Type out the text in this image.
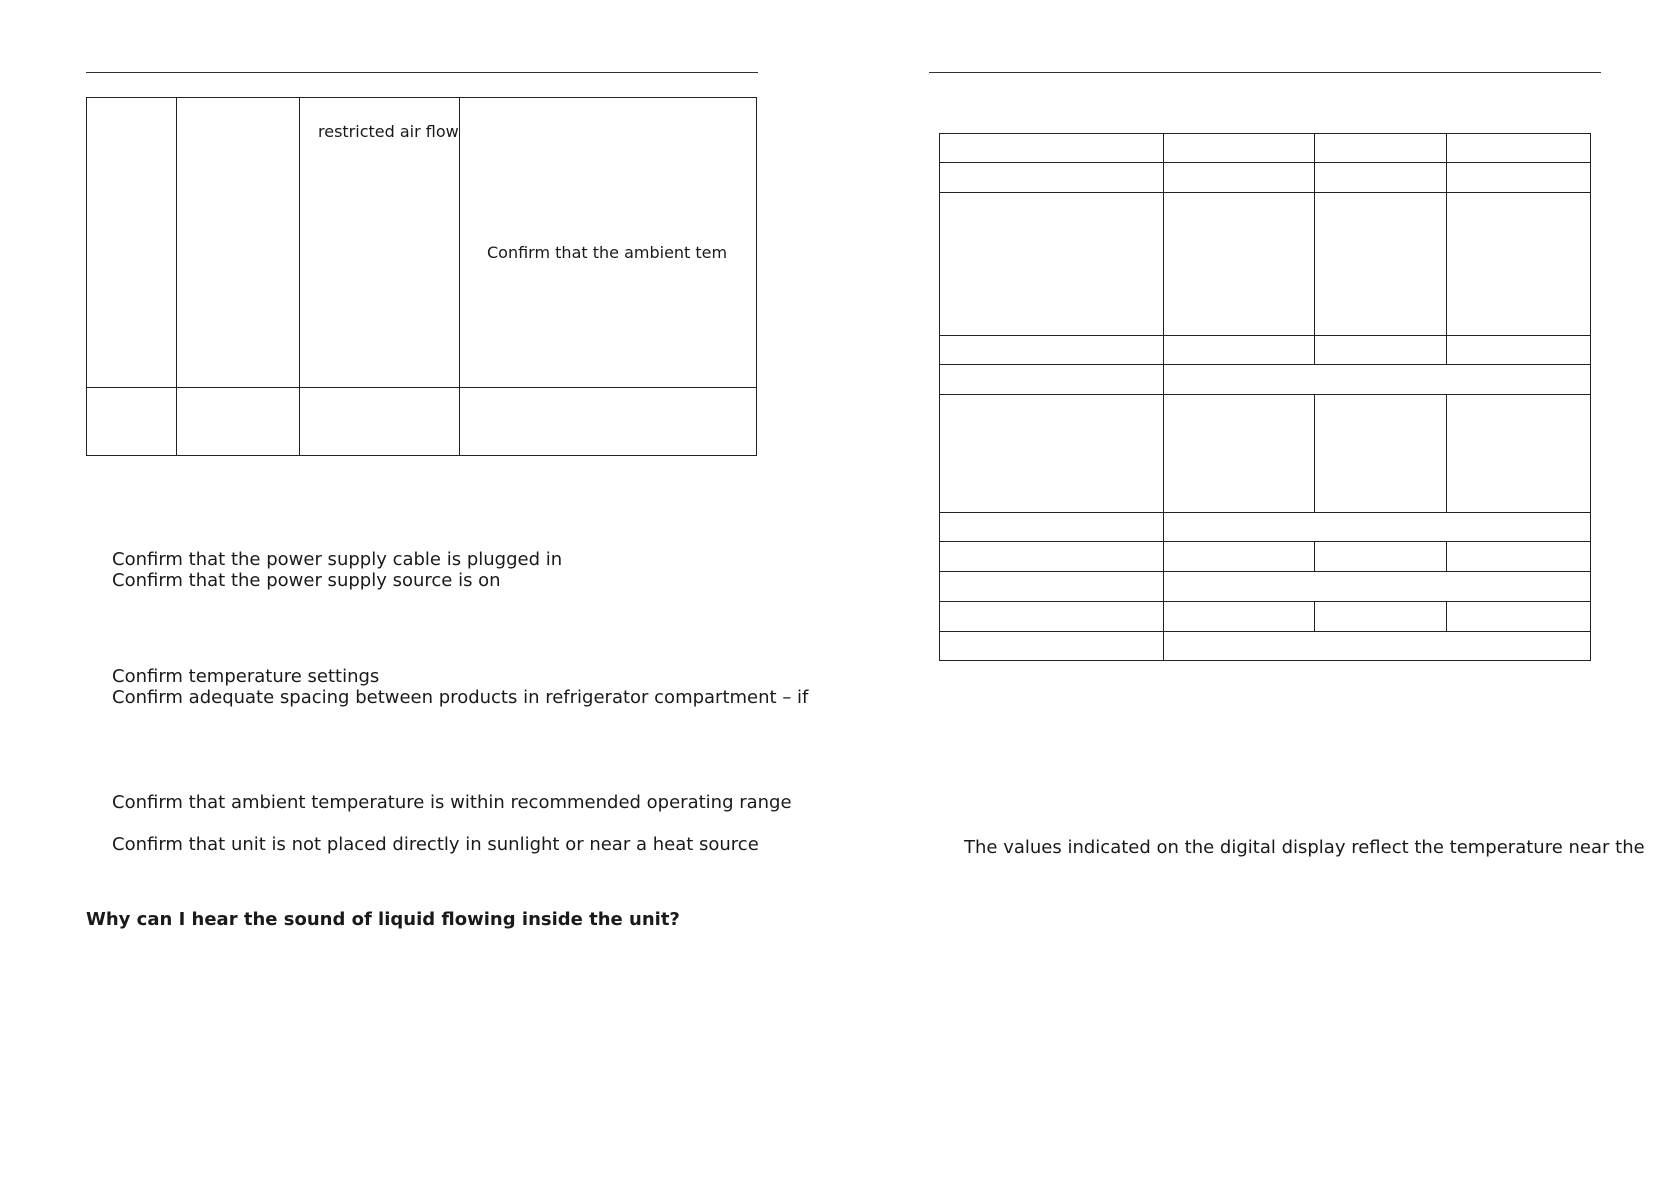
restricted air flow
Confirm that the ambient tem
Confirm that the power supply cable is plugged in
Confirm that the power supply source is on
Confirm temperature settings
Confirm adequate spacing between products in refrigerator compartment – if
Confirm that ambient temperature is within recommended operating range
Confirm that unit is not placed directly in sunlight or near a heat source
Why can I hear the sound of liquid flowing inside the unit?
The values indicated on the digital display reflect the temperature near the
